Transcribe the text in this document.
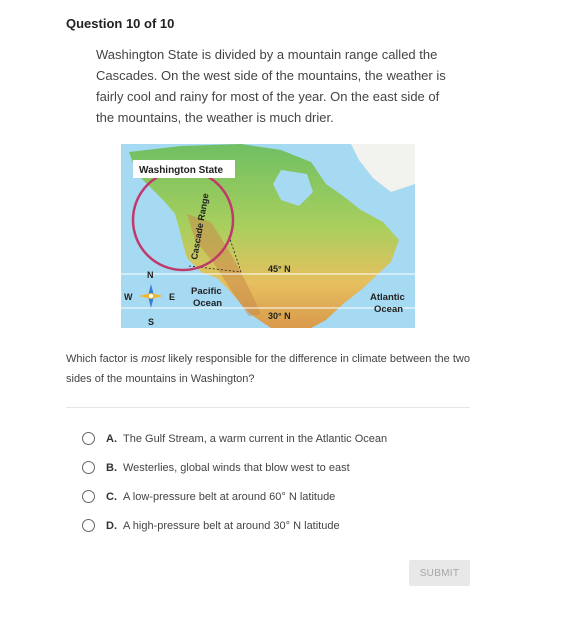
Question 10 of 10
Washington State is divided by a mountain range called the Cascades. On the west side of the mountains, the weather is fairly cool and rainy for most of the year. On the east side of the mountains, the weather is much drier.
Washington State
Cascade Range
N
S
W	E
45° N
30° N
Pacific
Ocean
Atlantic
Ocean
Which factor is most likely responsible for the difference in climate between the two sides of the mountains in Washington?
A. The Gulf Stream, a warm current in the Atlantic Ocean
B. Westerlies, global winds that blow west to east
C. A low-pressure belt at around 60° N latitude
D. A high-pressure belt at around 30° N latitude
SUBMIT
